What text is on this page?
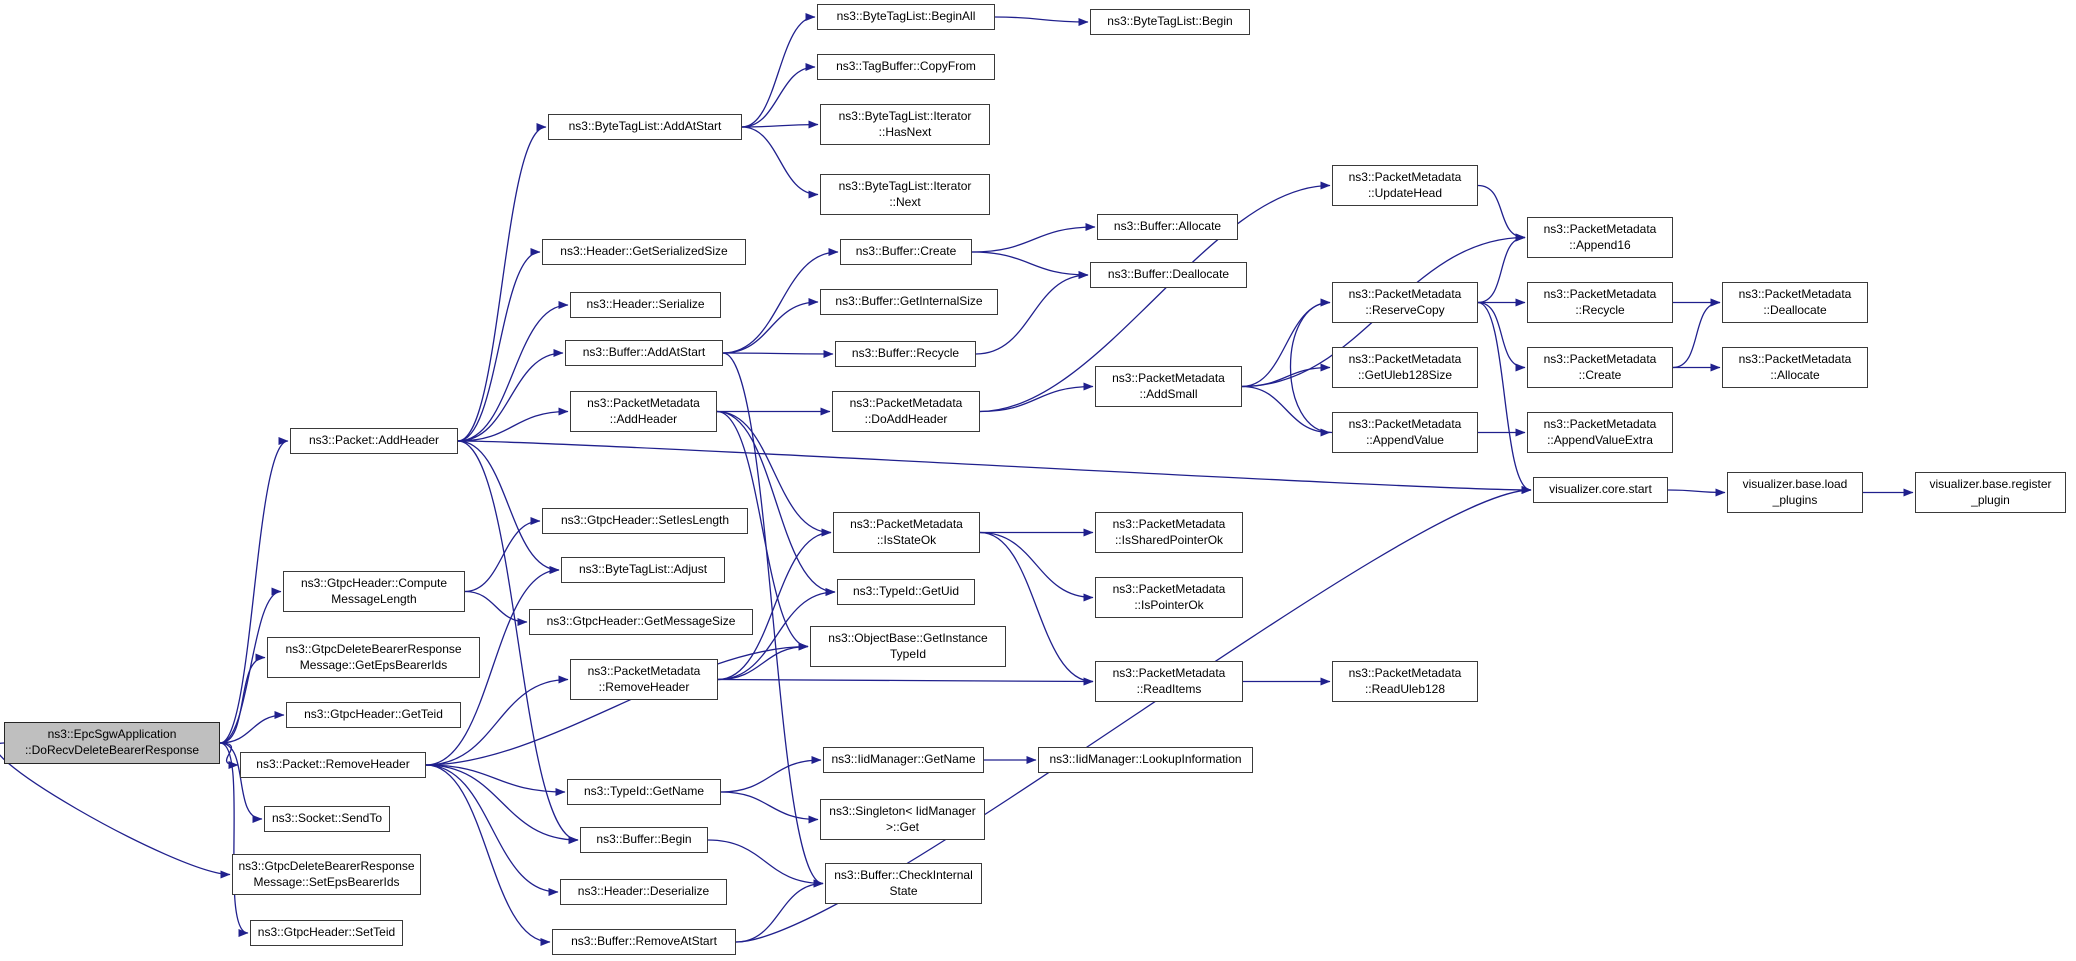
ns3::EpcSgwApplication
::DoRecvDeleteBearerResponse
ns3::Packet::AddHeader
ns3::GtpcHeader::Compute
MessageLength
ns3::GtpcDeleteBearerResponse
Message::GetEpsBearerIds
ns3::GtpcHeader::GetTeid
ns3::Packet::RemoveHeader
ns3::Socket::SendTo
ns3::GtpcDeleteBearerResponse
Message::SetEpsBearerIds
ns3::GtpcHeader::SetTeid
ns3::ByteTagList::AddAtStart
ns3::Header::GetSerializedSize
ns3::Header::Serialize
ns3::Buffer::AddAtStart
ns3::PacketMetadata
::AddHeader
ns3::GtpcHeader::SetIesLength
ns3::ByteTagList::Adjust
ns3::GtpcHeader::GetMessageSize
ns3::PacketMetadata
::RemoveHeader
ns3::TypeId::GetName
ns3::Buffer::Begin
ns3::Header::Deserialize
ns3::Buffer::RemoveAtStart
ns3::ByteTagList::BeginAll
ns3::TagBuffer::CopyFrom
ns3::ByteTagList::Iterator
::HasNext
ns3::ByteTagList::Iterator
::Next
ns3::Buffer::Create
ns3::Buffer::GetInternalSize
ns3::Buffer::Recycle
ns3::PacketMetadata
::DoAddHeader
ns3::PacketMetadata
::IsStateOk
ns3::TypeId::GetUid
ns3::ObjectBase::GetInstance
TypeId
ns3::IidManager::GetName
ns3::Singleton< IidManager
>::Get
ns3::Buffer::CheckInternal
State
ns3::ByteTagList::Begin
ns3::Buffer::Allocate
ns3::Buffer::Deallocate
ns3::PacketMetadata
::AddSmall
ns3::PacketMetadata
::IsSharedPointerOk
ns3::PacketMetadata
::IsPointerOk
ns3::PacketMetadata
::ReadItems
ns3::IidManager::LookupInformation
ns3::PacketMetadata
::UpdateHead
ns3::PacketMetadata
::ReserveCopy
ns3::PacketMetadata
::GetUleb128Size
ns3::PacketMetadata
::AppendValue
ns3::PacketMetadata
::ReadUleb128
ns3::PacketMetadata
::Append16
ns3::PacketMetadata
::Recycle
ns3::PacketMetadata
::Create
ns3::PacketMetadata
::AppendValueExtra
visualizer.core.start
ns3::PacketMetadata
::Deallocate
ns3::PacketMetadata
::Allocate
visualizer.base.load
_plugins
visualizer.base.register
_plugin
